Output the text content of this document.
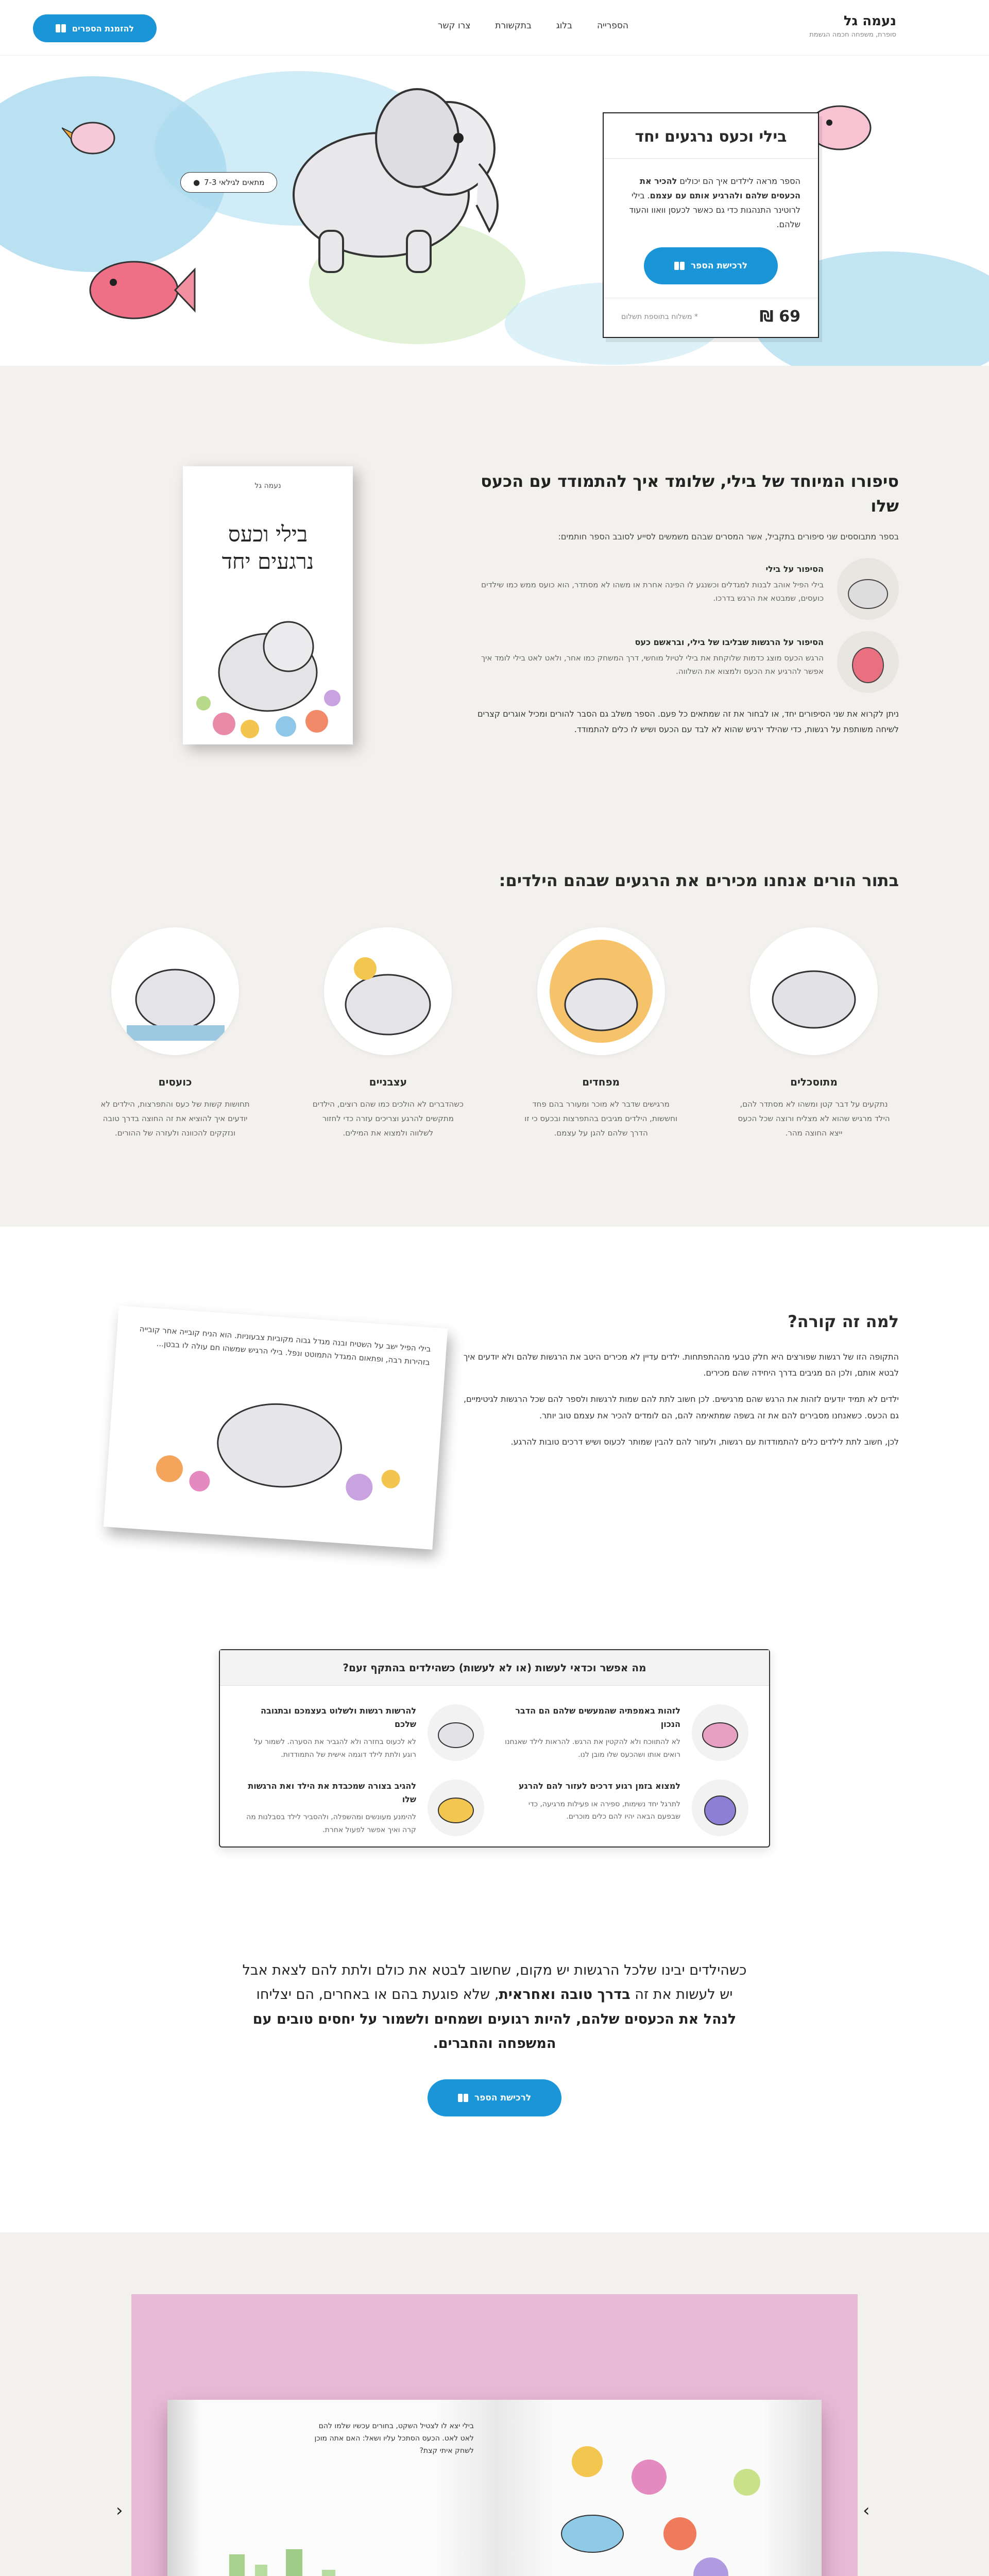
נעמה גל
סופרת, משפחה חכמה הגשמת
הספרייה
בלוג
בתקשורת
צרו קשר
להזמנת הספרים
מתאים לגילאי 7-3
●
בילי וכעס נרגעים יחד

הספר מראה לילדים איך הם יכולים להכיר את הכעסים שלהם ולהרגיע אותם עם עצמם. בילי לרוטינר התנהגות כדי גם כאשר לכעסן וואוו והעוד שלהם.

לרכישת הספר
69 ₪
* משלוח בתוספת תשלום
נעמה גל
בילי וכעס
נרגעים יחד
סיפורו המיוחד של בילי, שלומד איך להתמודד עם הכעס שלו
בספר מתבוססים שני סיפורים בתקביל, אשר המסרים שבהם משמשים לסייע לסובב הספר חותמים:
הסיפור על בילי
בילי הפיל אוהב לבנות למגדלים וכשנגע לו הפינה אחרת או משהו לא מסתדר, הוא כועס ממש כמו שילדים כועסים, שמבטא את הרגש בדרכו.
הסיפור על הרגשות שבליבו של בילי, ובראשם כעס
הרגש הכעס מוצג כדמות שלוקחת את בילי לטיול מוחשי, דרך המשחק כמו אחר, ולאט לאט בילי לומד איך אפשר להרגיע את הכעס ולמצוא את השלווה.
ניתן לקרוא את שני הסיפורים יחד, או לבחור את זה שמתאים כל פעם. הספר משלב גם הסבר להורים ומכיל אוגרים קצרים לשיחה משותפת על רגשות, כדי שהילד ירגיש שהוא לא לבד עם הכעס ושיש לו כלים להתמודד.
בתור הורים אנחנו מכירים את הרגעים שבהם הילדים:
מתוסכלים
נתקעים על דבר קטן ומשהו לא מסתדר להם, הילד מרגיש שהוא לא מצליח ורוצה שכל הכעס ייצא החוצה מהר.
מפחדים
מרגישים שדבר לא מוכר ומעורר בהם פחד וחששות, הילדים מגיבים בהתפרצות ובכעס כי זו הדרך שלהם להגן על עצמם.
עצבניים
כשהדברים לא הולכים כמו שהם רוצים, הילדים מתקשים להרגע וצריכים עזרה כדי לחזור לשלווה ולמצוא את המילים.
כועסים
תחושות קשות של כעס והתפרצות, הילדים לא יודעים איך להוציא את זה החוצה בדרך טובה ונזקקים להכוונה ולעזרה של ההורים.
למה זה קורה?

התקופה הזו של רגשות שפורצים היא חלק טבעי מההתפתחות. ילדים עדיין לא מכירים היטב את הרגשות שלהם ולא יודעים איך לבטא אותם, ולכן הם מגיבים בדרך היחידה שהם מכירים.

ילדים לא תמיד יודעים לזהות את הרגש שהם מרגישים. לכן חשוב לתת להם שמות לרגשות ולספר להם שכל הרגשות לגיטימיים, גם הכעס. כשאנחנו מסבירים להם את זה בשפה שמתאימה להם, הם לומדים להכיר את עצמם טוב יותר.

לכן, חשוב לתת לילדים כלים להתמודדות עם רגשות, ולעזור להם להבין שמותר לכעוס ושיש דרכים טובות להרגע.

בילי הפיל ישב על השטיח ובנה מגדל גבוה מקוביות צבעוניות. הוא הניח קובייה אחר קובייה בזהירות רבה, ופתאום המגדל התמוטט ונפל. בילי הרגיש שמשהו חם עולה לו בבטן...
מה אפשר וכדאי לעשות (או לא לעשות) כשהילדים בהתקף זעם?
לזהות באמפתיה שהמעשים שלהם הם הדבר הנכון
לא להתווכח ולא להקטין את הרגש. להראות לילד שאנחנו רואים אותו ושהכעס שלו מובן לנו.
להרשות רגשות ולשלוט בעצמכם ובתגובה שלכם
לא לכעוס בחזרה ולא להגביר את הסערה. לשמור על רוגע ולתת לילד דוגמה אישית של התמודדות.
למצוא בזמן רגוע דרכים לעזור להם להרגע
לתרגל יחד נשימות, ספירה או פעילות מרגיעה, כדי שבפעם הבאה יהיו להם כלים מוכרים.
להגיב בצורה שמכבדת את הילד ואת הרגשות שלו
להימנע מעונשים ומהשפלה, ולהסביר לילד בסבלנות מה קרה ואיך אפשר לפעול אחרת.

כשהילדים יבינו שלכל הרגשות יש מקום, שחשוב לבטא את כולם ולתת להם לצאת אבל יש לעשות את זה בדרך טובה ואחראית, שלא פוגעת בהם או באחרים, הם יצליחו לנהל את הכעסים שלהם, להיות רגועים ושמחים ולשמור על יחסים טובים עם המשפחה והחברים.

לרכישת הספר
בילי יצא לו לצטיל השקט, בחורים עכשיו שלמו להם לאט לאט. הכעס הסתכל עליו ושאל: האם אתה מוכן לשחק איתי קצת?
‹	›
